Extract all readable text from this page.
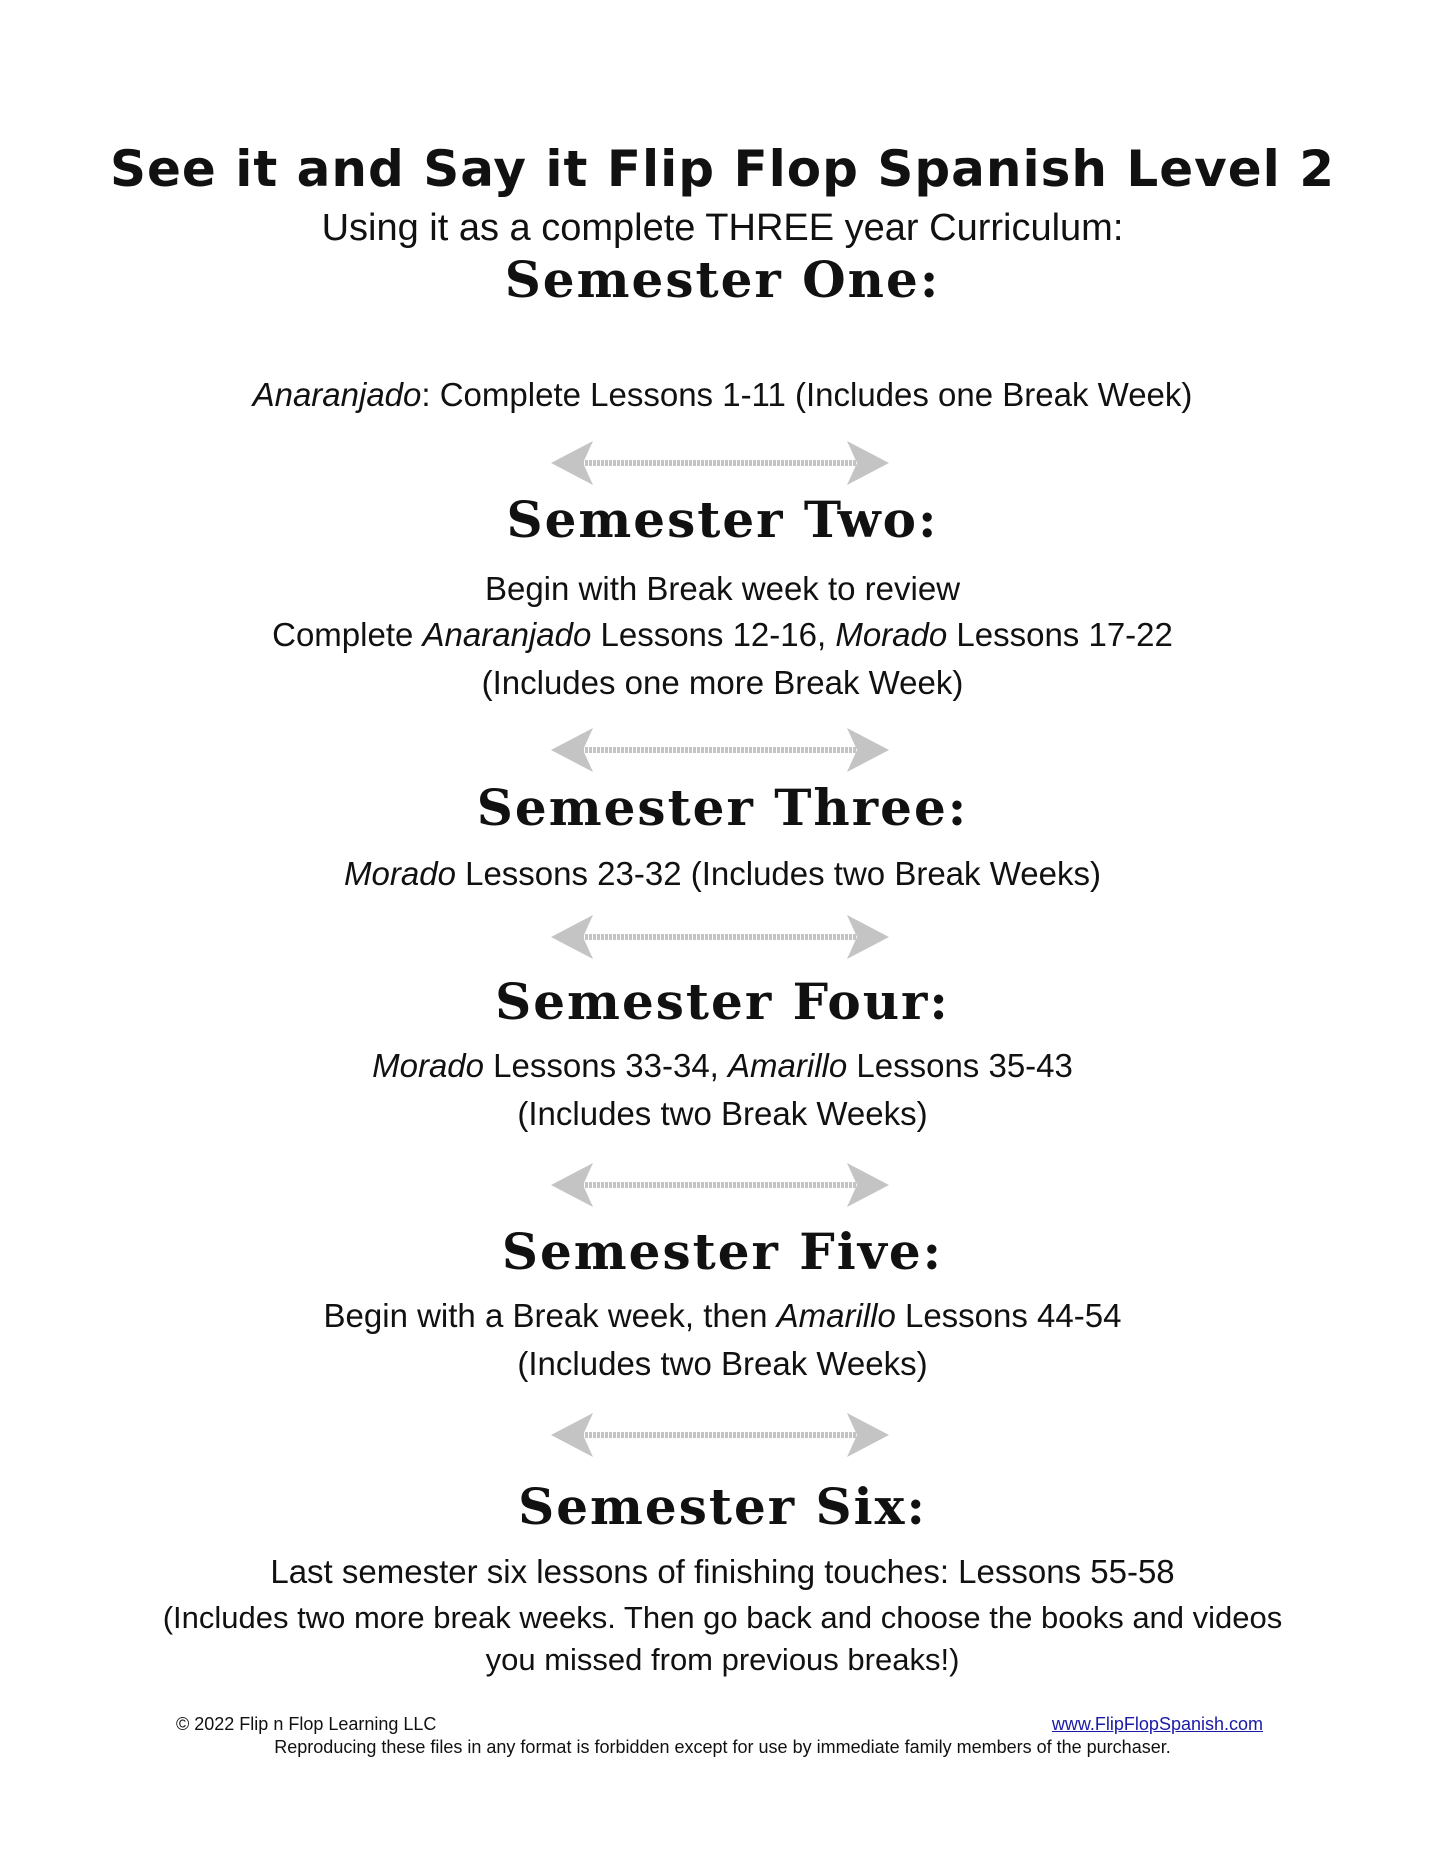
See it and Say it Flip Flop Spanish Level 2
Using it as a complete THREE year Curriculum:
Semester One:
Anaranjado: Complete Lessons 1-11 (Includes one Break Week)
Semester Two:
Begin with Break week to review
Complete Anaranjado Lessons 12-16, Morado Lessons 17-22
(Includes one more Break Week)
Semester Three:
Morado Lessons 23-32 (Includes two Break Weeks)
Semester Four:
Morado Lessons 33-34, Amarillo Lessons 35-43
(Includes two Break Weeks)
Semester Five:
Begin with a Break week, then Amarillo Lessons 44-54
(Includes two Break Weeks)
Semester Six:
Last semester six lessons of finishing touches: Lessons 55-58
(Includes two more break weeks. Then go back and choose the books and videos
you missed from previous breaks!)
© 2022 Flip n Flop Learning LLC	www.FlipFlopSpanish.com
Reproducing these files in any format is forbidden except for use by immediate family members of the purchaser.
